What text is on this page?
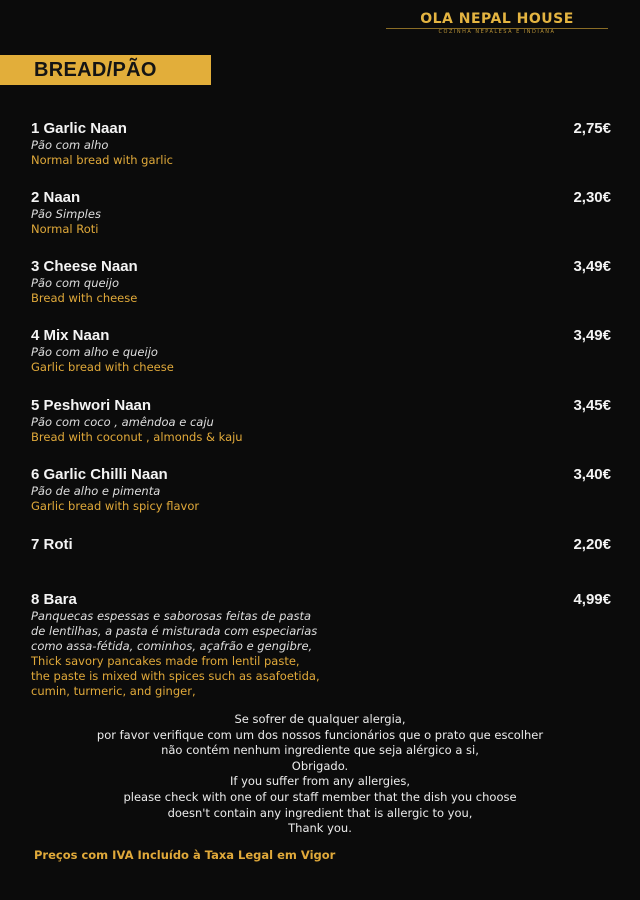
OLA NEPAL HOUSE
COZINHA NEPALESA E INDIANA
BREAD/PÃO
1 Garlic Naan	2,75€
Pão com alho
Normal bread with garlic
2 Naan	2,30€
Pão Simples
Normal Roti
3 Cheese Naan	3,49€
Pão com queijo
Bread with cheese
4 Mix Naan	3,49€
Pão com alho e queijo
Garlic bread with cheese
5 Peshwori Naan	3,45€
Pão com coco , amêndoa e caju
Bread with coconut , almonds & kaju
6 Garlic Chilli Naan	3,40€
Pão de alho e pimenta
Garlic bread with spicy flavor
7 Roti	2,20€
8 Bara	4,99€
Panquecas espessas e saborosas feitas de pasta
de lentilhas, a pasta é misturada com especiarias
como assa-fétida, cominhos, açafrão e gengibre,
Thick savory pancakes made from lentil paste,
the paste is mixed with spices such as asafoetida,
cumin, turmeric, and ginger,
Se sofrer de qualquer alergia,
por favor verifique com um dos nossos funcionários que o prato que escolher
não contém nenhum ingrediente que seja alérgico a si,
Obrigado.
If you suffer from any allergies,
please check with one of our staff member that the dish you choose
doesn't contain any ingredient that is allergic to you,
Thank you.
Preços com IVA Incluído à Taxa Legal em Vigor
